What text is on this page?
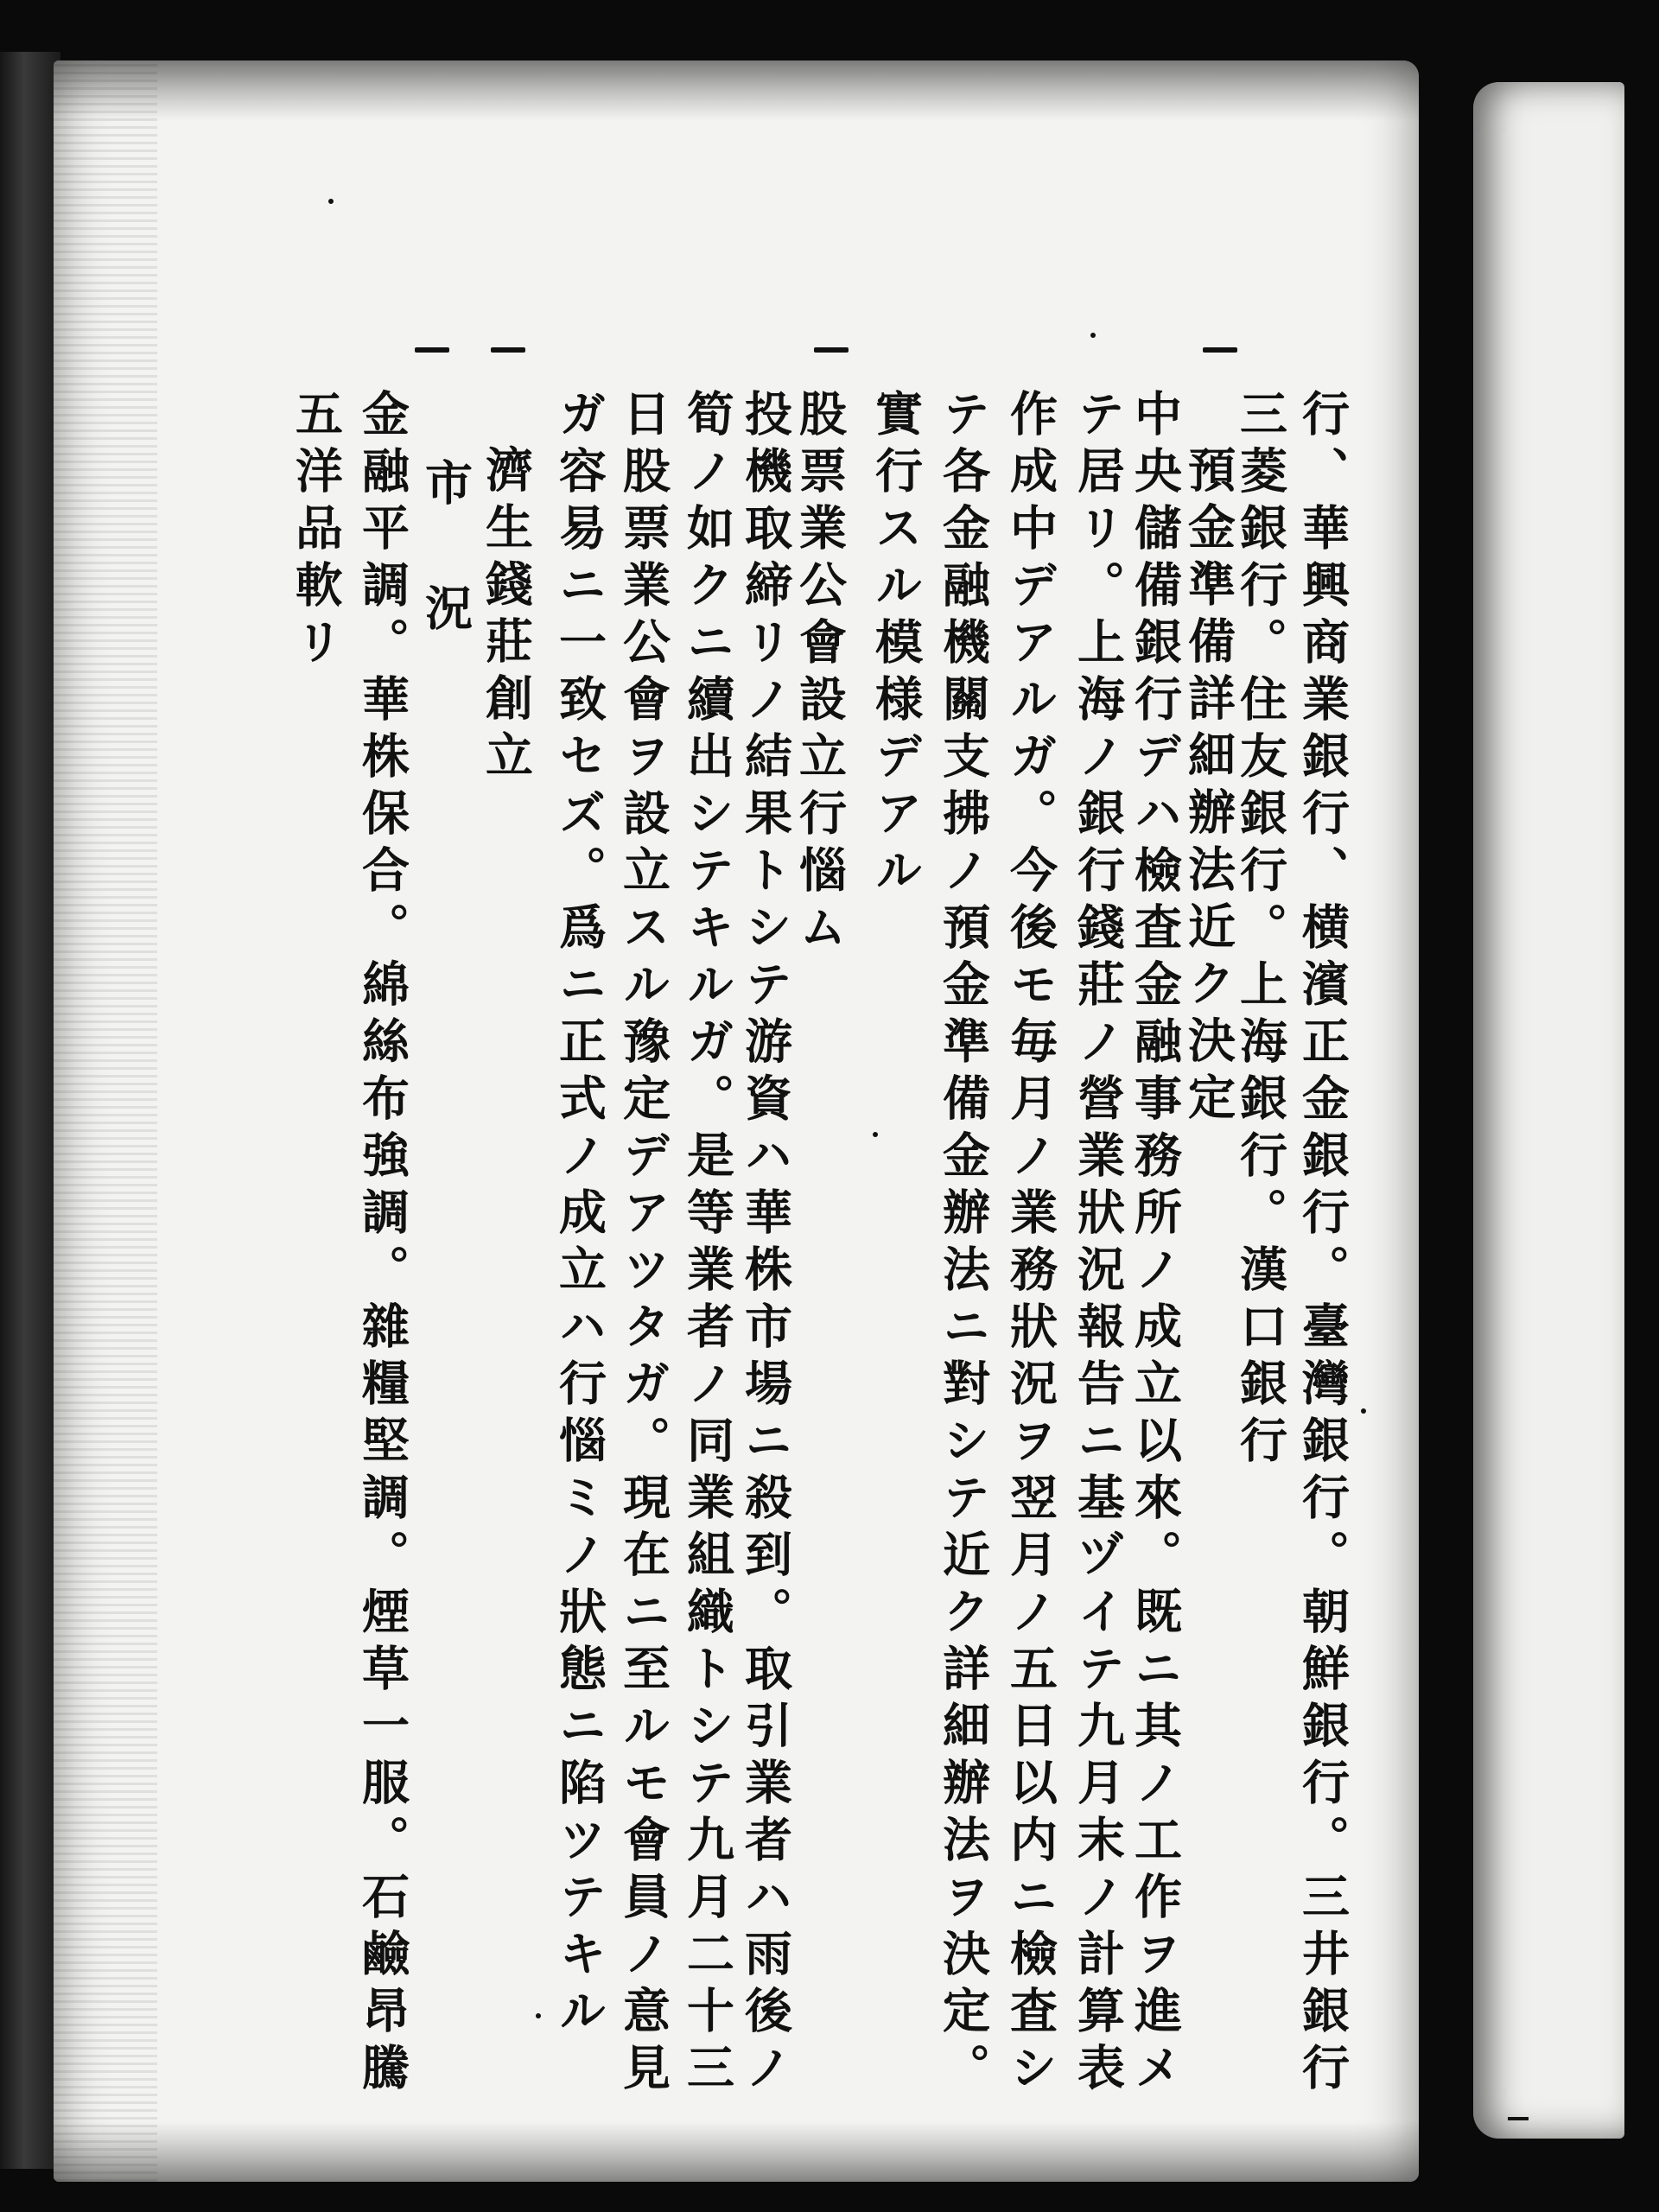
行、華興商業銀行、横濱正金銀行。臺灣銀行。朝鮮銀行。三井銀行
三菱銀行。住友銀行。上海銀行。漢口銀行
預金準備詳細辦法近ク決定
中央儲備銀行デハ檢査金融事務所ノ成立以來。既ニ其ノ工作ヲ進メ
テ居リ。上海ノ銀行錢莊ノ營業狀況報告ニ基ヅイテ九月末ノ計算表
作成中デアルガ。今後モ毎月ノ業務狀況ヲ翌月ノ五日以内ニ檢査シ
テ各金融機關支拂ノ預金準備金辦法ニ對シテ近ク詳細辦法ヲ決定。
實行スル模様デアル
股票業公會設立行惱ム
投機取締リノ結果トシテ游資ハ華株市場ニ殺到。取引業者ハ雨後ノ
筍ノ如クニ續出シテキルガ。是等業者ノ同業組織トシテ九月二十三
日股票業公會ヲ設立スル豫定デアツタガ。現在ニ至ルモ會員ノ意見
ガ容易ニ一致セズ。爲ニ正式ノ成立ハ行惱ミノ狀態ニ陷ツテキル
濟生錢莊創立
市況
金融平調。華株保合。綿絲布強調。雜糧堅調。煙草一服。石鹼昂騰
五洋品軟リ
